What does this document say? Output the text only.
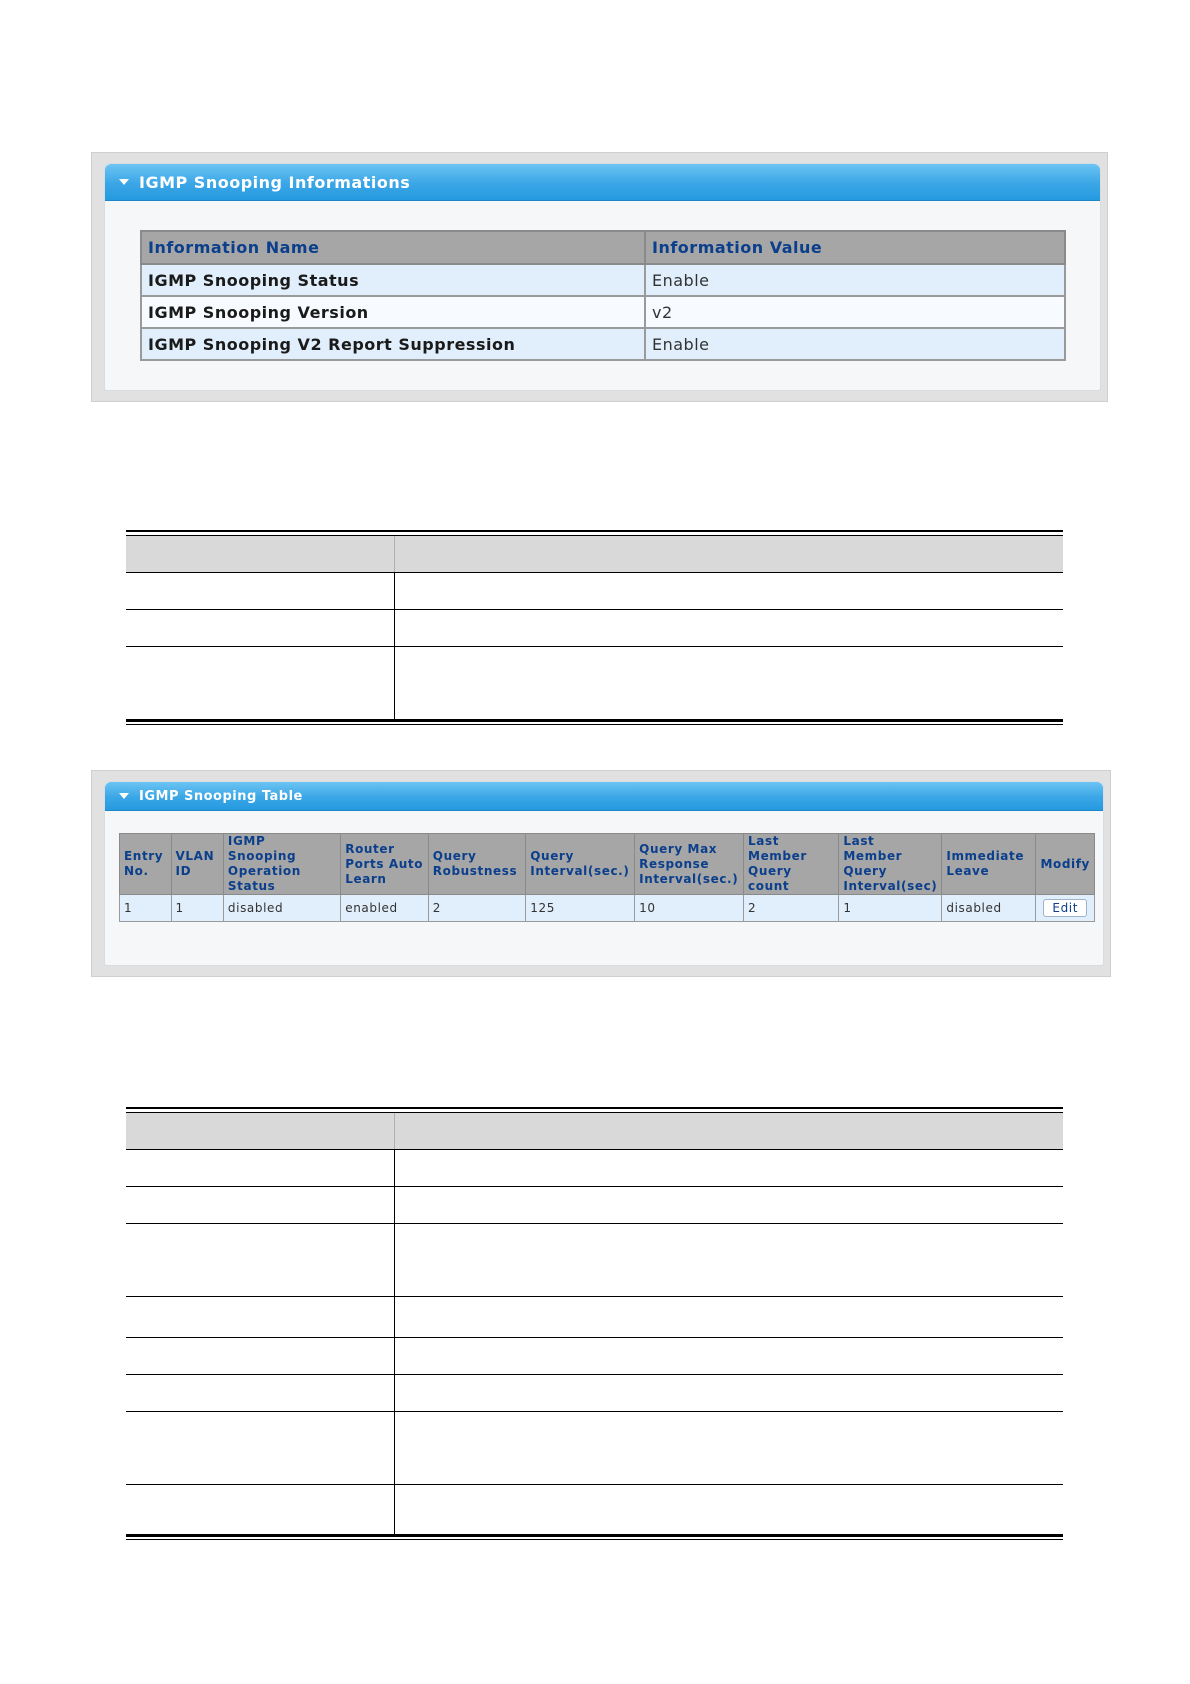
IGMP Snooping Informations
Information Name	Information Value
IGMP Snooping Status	Enable
IGMP Snooping Version	v2
IGMP Snooping V2 Report Suppression	Enable
IGMP Snooping Table
Entry No.	VLAN ID	IGMP Snooping Operation Status	Router Ports Auto Learn	Query Robustness	Query Interval(sec.)	Query Max Response Interval(sec.)	Last Member Query count	Last Member Query Interval(sec)	Immediate Leave	Modify
1	1	disabled	enabled	2	125	10	2	1	disabled	Edit
